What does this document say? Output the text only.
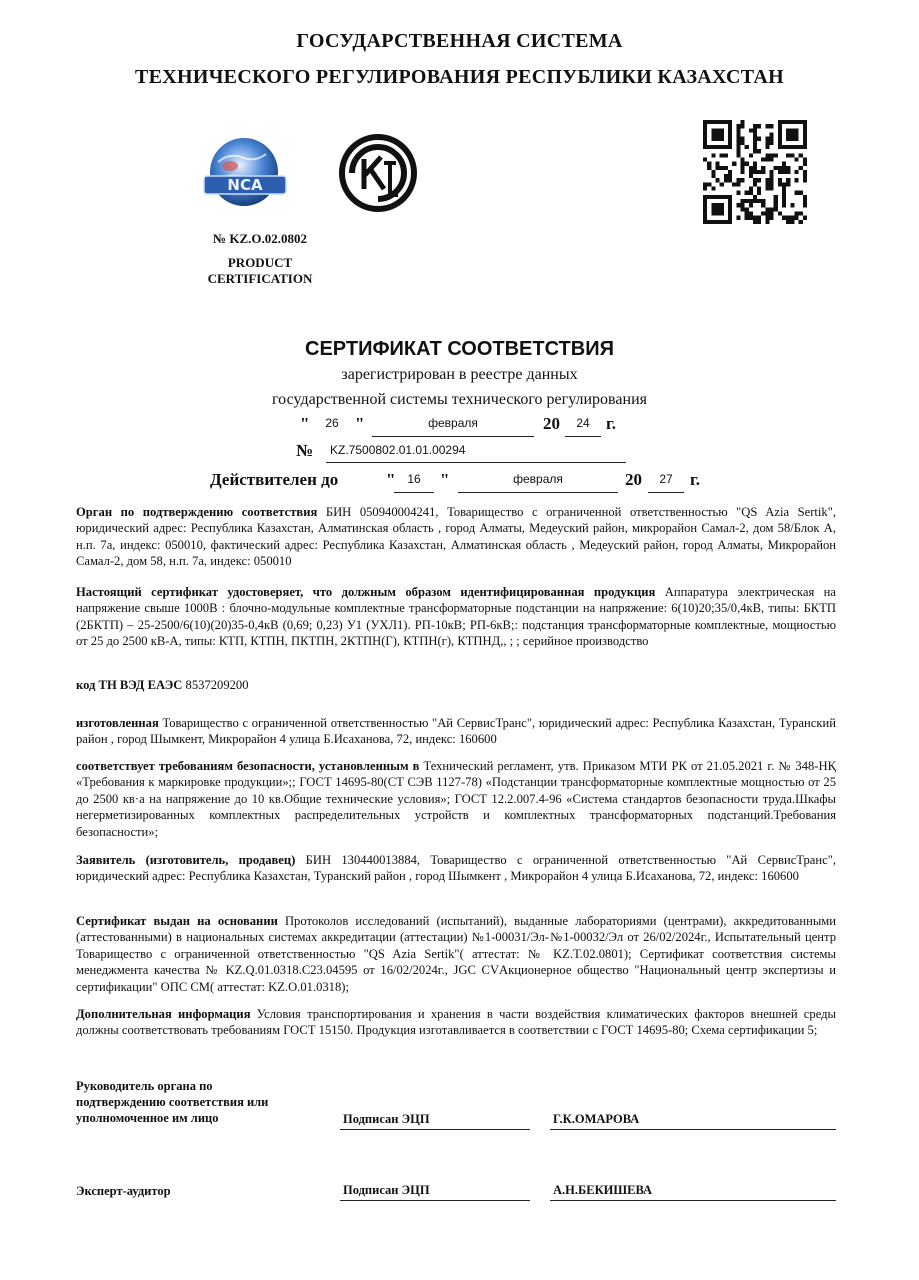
ГОСУДАРСТВЕННАЯ СИСТЕМА
ТЕХНИЧЕСКОГО РЕГУЛИРОВАНИЯ РЕСПУБЛИКИ КАЗАХСТАН
NCA
№ KZ.O.02.0802
PRODUCT
CERTIFICATION
СЕРТИФИКАТ СООТВЕТСТВИЯ
зарегистрирован в реестре данных
государственной системы технического регулирования
"	26 "	февраля	20	24 г.
№ KZ.7500802.01.01.00294
Действителен до	" 16	"	февраля	20	27	г.
Орган по подтверждению соответствия БИН 050940004241, Товарищество с ограниченной ответственностью "QS Azia Sertik", юридический адрес: Республика Казахстан, Алматинская область , город Алматы, Медеуский район, микрорайон Самал-2, дом 58/Блок А, н.п. 7а, индекс: 050010, фактический адрес: Республика Казахстан, Алматинская область , Медеуский район, город Алматы, Микрорайон Самал-2, дом 58, н.п. 7а, индекс: 050010
Настоящий сертификат удостоверяет, что должным образом идентифицированная продукция Аппаратура электрическая на напряжение свыше 1000В : блочно-модульные комплектные трансформаторные подстанции на напряжение: 6(10)20;35/0,4кВ, типы: БКТП (2БКТП) – 25-2500/6(10)(20)35-0,4кВ (0,69; 0,23) У1 (УХЛ1). РП-10кВ; РП-6кВ;: подстанция трансформаторные комплектные, мощностью от 25 до 2500 кВ-А, типы: КТП, КТПН, ПКТПН, 2КТПН(Г), КТПН(г), КТПНД,, ; ; серийное производство
код ТН ВЭД ЕАЭС 8537209200
изготовленная Товарищество с ограниченной ответственностью "Ай СервисТранс", юридический адрес: Республика Казахстан, Туранский район , город Шымкент, Микрорайон 4 улица Б.Исаханова, 72, индекс: 160600
соответствует требованиям безопасности, установленным в Технический регламент, утв. Приказом МТИ РК от 21.05.2021 г. № 348-НҚ «Требования к маркировке продукции»;; ГОСТ 14695-80(СТ СЭВ 1127-78) «Подстанции трансформаторные комплектные мощностью от 25 до 2500 кв·а на напряжение до 10 кв.Общие технические условия»; ГОСТ 12.2.007.4-96 «Система стандартов безопасности труда.Шкафы негерметизированных комплектных распределительных устройств и комплектных трансформаторных подстанций.Требования безопасности»;
Заявитель (изготовитель, продавец) БИН 130440013884, Товарищество с ограниченной ответственностью "Ай СервисТранс", юридический адрес: Республика Казахстан, Туранский район , город Шымкент , Микрорайон 4 улица Б.Исаханова, 72, индекс: 160600
Сертификат выдан на основании Протоколов исследований (испытаний), выданные лабораториями (центрами), аккредитованными (аттестованными) в национальных системах аккредитации (аттестации) №1-00031/Эл-№1-00032/Эл от 26/02/2024г., Испытательный центр Товарищество с ограниченной ответственностью "QS Azia Sertik"( аттестат: № KZ.T.02.0801); Сертификат соответствия системы менеджмента качества № KZ.Q.01.0318.С23.04595 от 16/02/2024г., JGC CVАкционерное общество "Национальный центр экспертизы и сертификации" ОПС СМ( аттестат: KZ.O.01.0318);
Дополнительная информация Условия транспортирования и хранения в части воздействия климатических факторов внешней среды должны соответствовать требованиям ГОСТ 15150. Продукция изготавливается в соответствии с ГОСТ 14695-80; Схема сертификации 5;
Руководитель органа по
подтверждению соответствия или
уполномоченное им лицо	Подписан ЭЦП	Г.К.ОМАРОВА
Эксперт-аудитор	Подписан ЭЦП	А.Н.БЕКИШЕВА
